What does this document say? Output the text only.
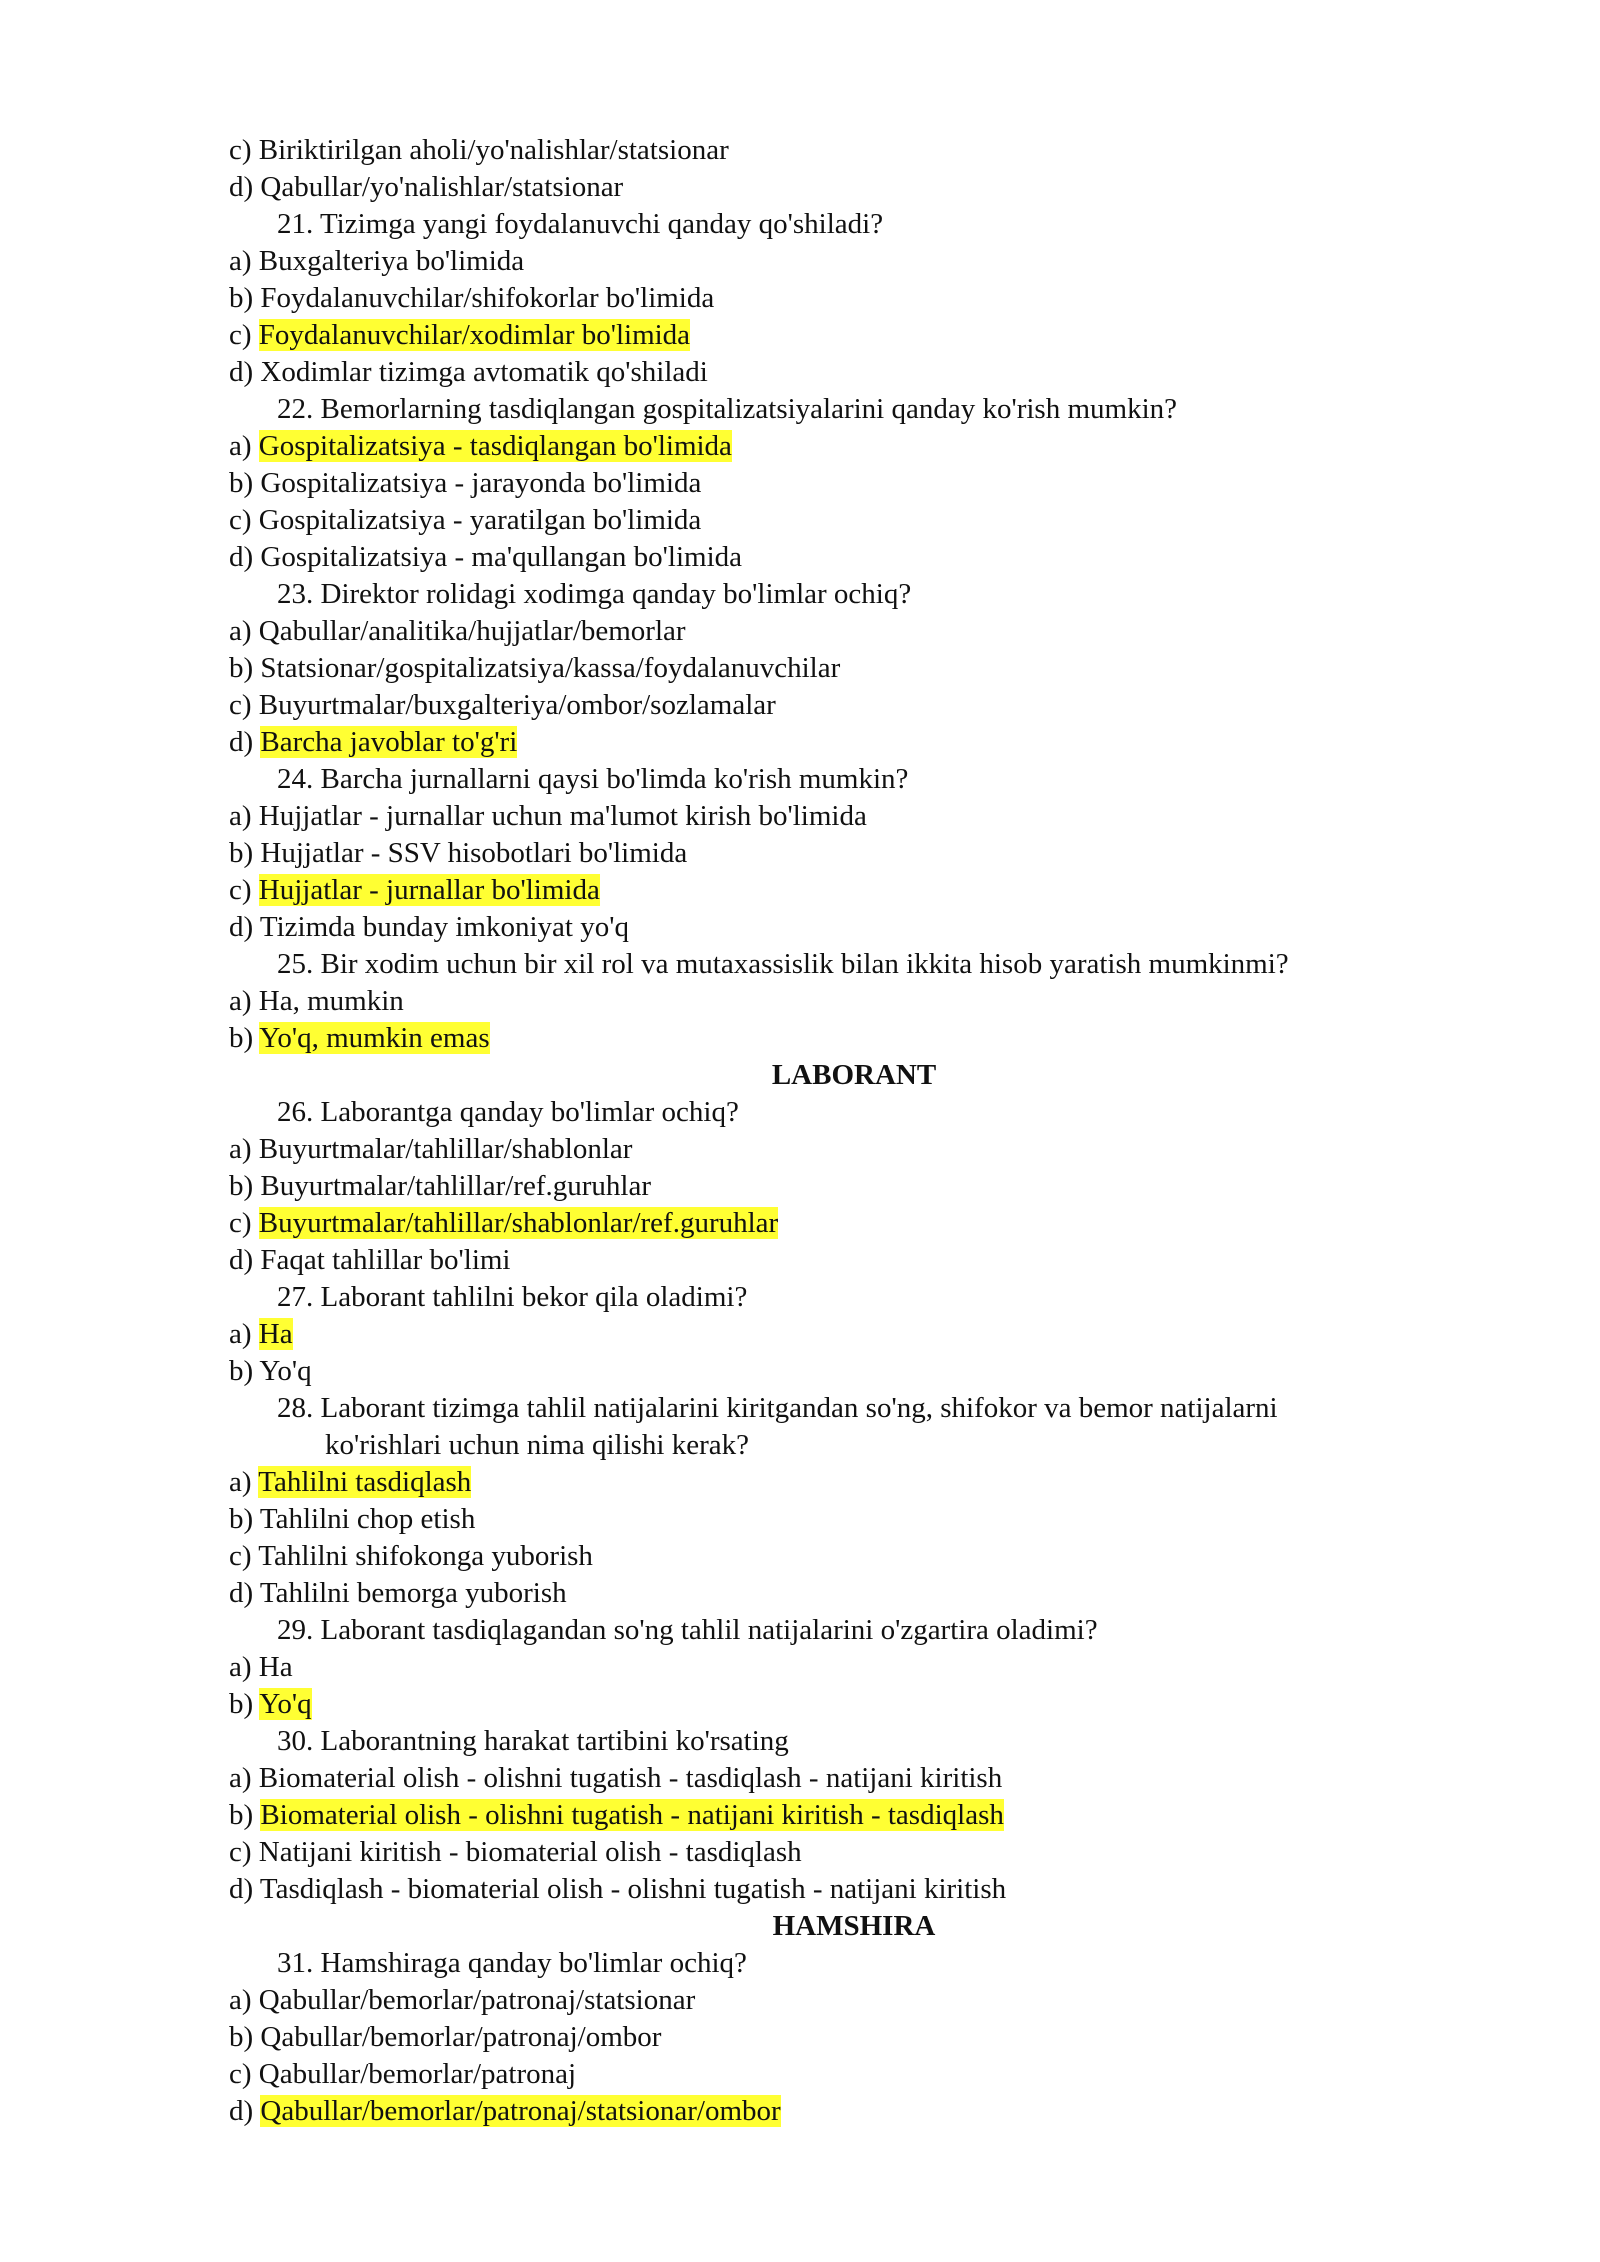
c) Biriktirilgan aholi/yo'nalishlar/statsionar
d) Qabullar/yo'nalishlar/statsionar
21. Tizimga yangi foydalanuvchi qanday qo'shiladi?
a) Buxgalteriya bo'limida
b) Foydalanuvchilar/shifokorlar bo'limida
c) Foydalanuvchilar/xodimlar bo'limida
d) Xodimlar tizimga avtomatik qo'shiladi
22. Bemorlarning tasdiqlangan gospitalizatsiyalarini qanday ko'rish mumkin?
a) Gospitalizatsiya - tasdiqlangan bo'limida
b) Gospitalizatsiya - jarayonda bo'limida
c) Gospitalizatsiya - yaratilgan bo'limida
d) Gospitalizatsiya - ma'qullangan bo'limida
23. Direktor rolidagi xodimga qanday bo'limlar ochiq?
a) Qabullar/analitika/hujjatlar/bemorlar
b) Statsionar/gospitalizatsiya/kassa/foydalanuvchilar
c) Buyurtmalar/buxgalteriya/ombor/sozlamalar
d) Barcha javoblar to'g'ri
24. Barcha jurnallarni qaysi bo'limda ko'rish mumkin?
a) Hujjatlar - jurnallar uchun ma'lumot kirish bo'limida
b) Hujjatlar - SSV hisobotlari bo'limida
c) Hujjatlar - jurnallar bo'limida
d) Tizimda bunday imkoniyat yo'q
25. Bir xodim uchun bir xil rol va mutaxassislik bilan ikkita hisob yaratish mumkinmi?
a) Ha, mumkin
b) Yo'q, mumkin emas
LABORANT
26. Laborantga qanday bo'limlar ochiq?
a) Buyurtmalar/tahlillar/shablonlar
b) Buyurtmalar/tahlillar/ref.guruhlar
c) Buyurtmalar/tahlillar/shablonlar/ref.guruhlar
d) Faqat tahlillar bo'limi
27. Laborant tahlilni bekor qila oladimi?
a) Ha
b) Yo'q
28. Laborant tizimga tahlil natijalarini kiritgandan so'ng, shifokor va bemor natijalarni
ko'rishlari uchun nima qilishi kerak?
a) Tahlilni tasdiqlash
b) Tahlilni chop etish
c) Tahlilni shifokonga yuborish
d) Tahlilni bemorga yuborish
29. Laborant tasdiqlagandan so'ng tahlil natijalarini o'zgartira oladimi?
a) Ha
b) Yo'q
30. Laborantning harakat tartibini ko'rsating
a) Biomaterial olish - olishni tugatish - tasdiqlash - natijani kiritish
b) Biomaterial olish - olishni tugatish - natijani kiritish - tasdiqlash
c) Natijani kiritish - biomaterial olish - tasdiqlash
d) Tasdiqlash - biomaterial olish - olishni tugatish - natijani kiritish
HAMSHIRA
31. Hamshiraga qanday bo'limlar ochiq?
a) Qabullar/bemorlar/patronaj/statsionar
b) Qabullar/bemorlar/patronaj/ombor
c) Qabullar/bemorlar/patronaj
d) Qabullar/bemorlar/patronaj/statsionar/ombor
